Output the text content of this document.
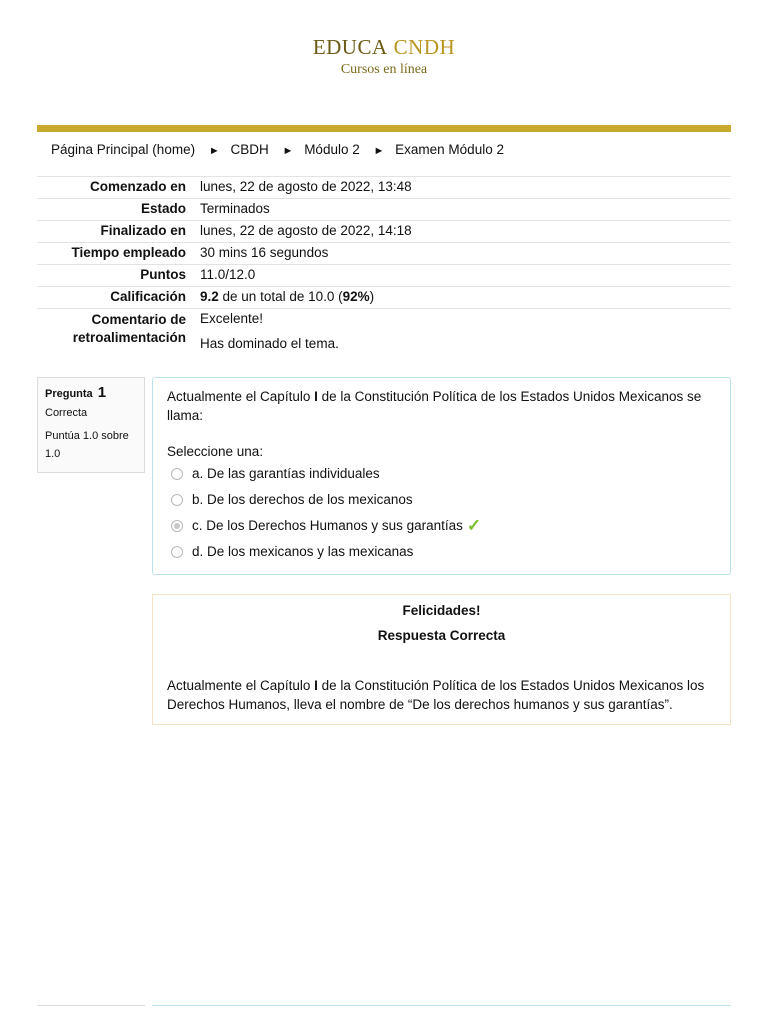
EDUCA CNDH
Cursos en línea
Página Principal (home) ► CBDH ► Módulo 2 ► Examen Módulo 2
Comenzado en	lunes, 22 de agosto de 2022, 13:48
Estado	Terminados
Finalizado en	lunes, 22 de agosto de 2022, 14:18
Tiempo empleado	30 mins 16 segundos
Puntos	11.0/12.0
Calificación	9.2 de un total de 10.0 (92%)
Comentario de retroalimentación	Excelente!
Has dominado el tema.
Pregunta 1
Correcta
Puntúa 1.0 sobre 1.0
Actualmente el Capítulo I de la Constitución Política de los Estados Unidos Mexicanos se llama:
Seleccione una:
a. De las garantías individuales
b. De los derechos de los mexicanos
c. De los Derechos Humanos y sus garantías ✓
d. De los mexicanos y las mexicanas
Felicidades!
Respuesta Correcta
Actualmente el Capítulo I de la Constitución Política de los Estados Unidos Mexicanos los Derechos Humanos, lleva el nombre de “De los derechos humanos y sus garantías”.
